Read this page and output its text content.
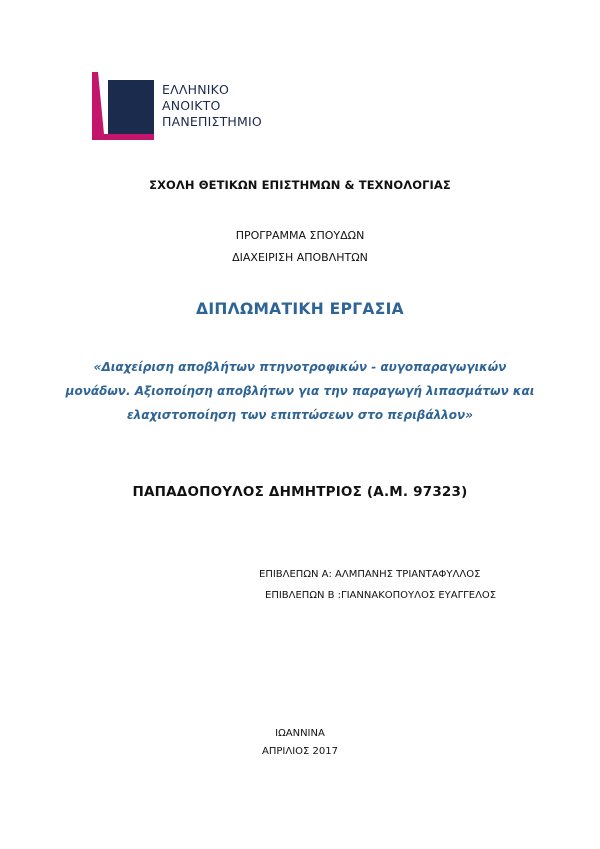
ΕΛΛΗΝΙΚΟ
ΑΝΟΙΚΤΟ
ΠΑΝΕΠΙΣΤΗΜΙΟ
ΣΧΟΛΗ ΘΕΤΙΚΩΝ ΕΠΙΣΤΗΜΩΝ & ΤΕΧΝΟΛΟΓΙΑΣ
ΠΡΟΓΡΑΜΜΑ ΣΠΟΥΔΩΝ
ΔΙΑΧΕΙΡΙΣΗ ΑΠΟΒΛΗΤΩΝ
ΔΙΠΛΩΜΑΤΙΚΗ ΕΡΓΑΣΙΑ
«Διαχείριση αποβλήτων πτηνοτροφικών - αυγοπαραγωγικών
μονάδων. Αξιοποίηση αποβλήτων για την παραγωγή λιπασμάτων και
ελαχιστοποίηση των επιπτώσεων στο περιβάλλον»
ΠΑΠΑΔΟΠΟΥΛΟΣ ΔΗΜΗΤΡΙΟΣ (Α.Μ. 97323)
ΕΠΙΒΛΕΠΩΝ Α: ΑΛΜΠΑΝΗΣ ΤΡΙΑΝΤΑΦΥΛΛΟΣ
ΕΠΙΒΛΕΠΩΝ Β :ΓΙΑΝΝΑΚΟΠΟΥΛΟΣ ΕΥΑΓΓΕΛΟΣ
ΙΩΑΝΝΙΝΑ
ΑΠΡΙΛΙΟΣ 2017
